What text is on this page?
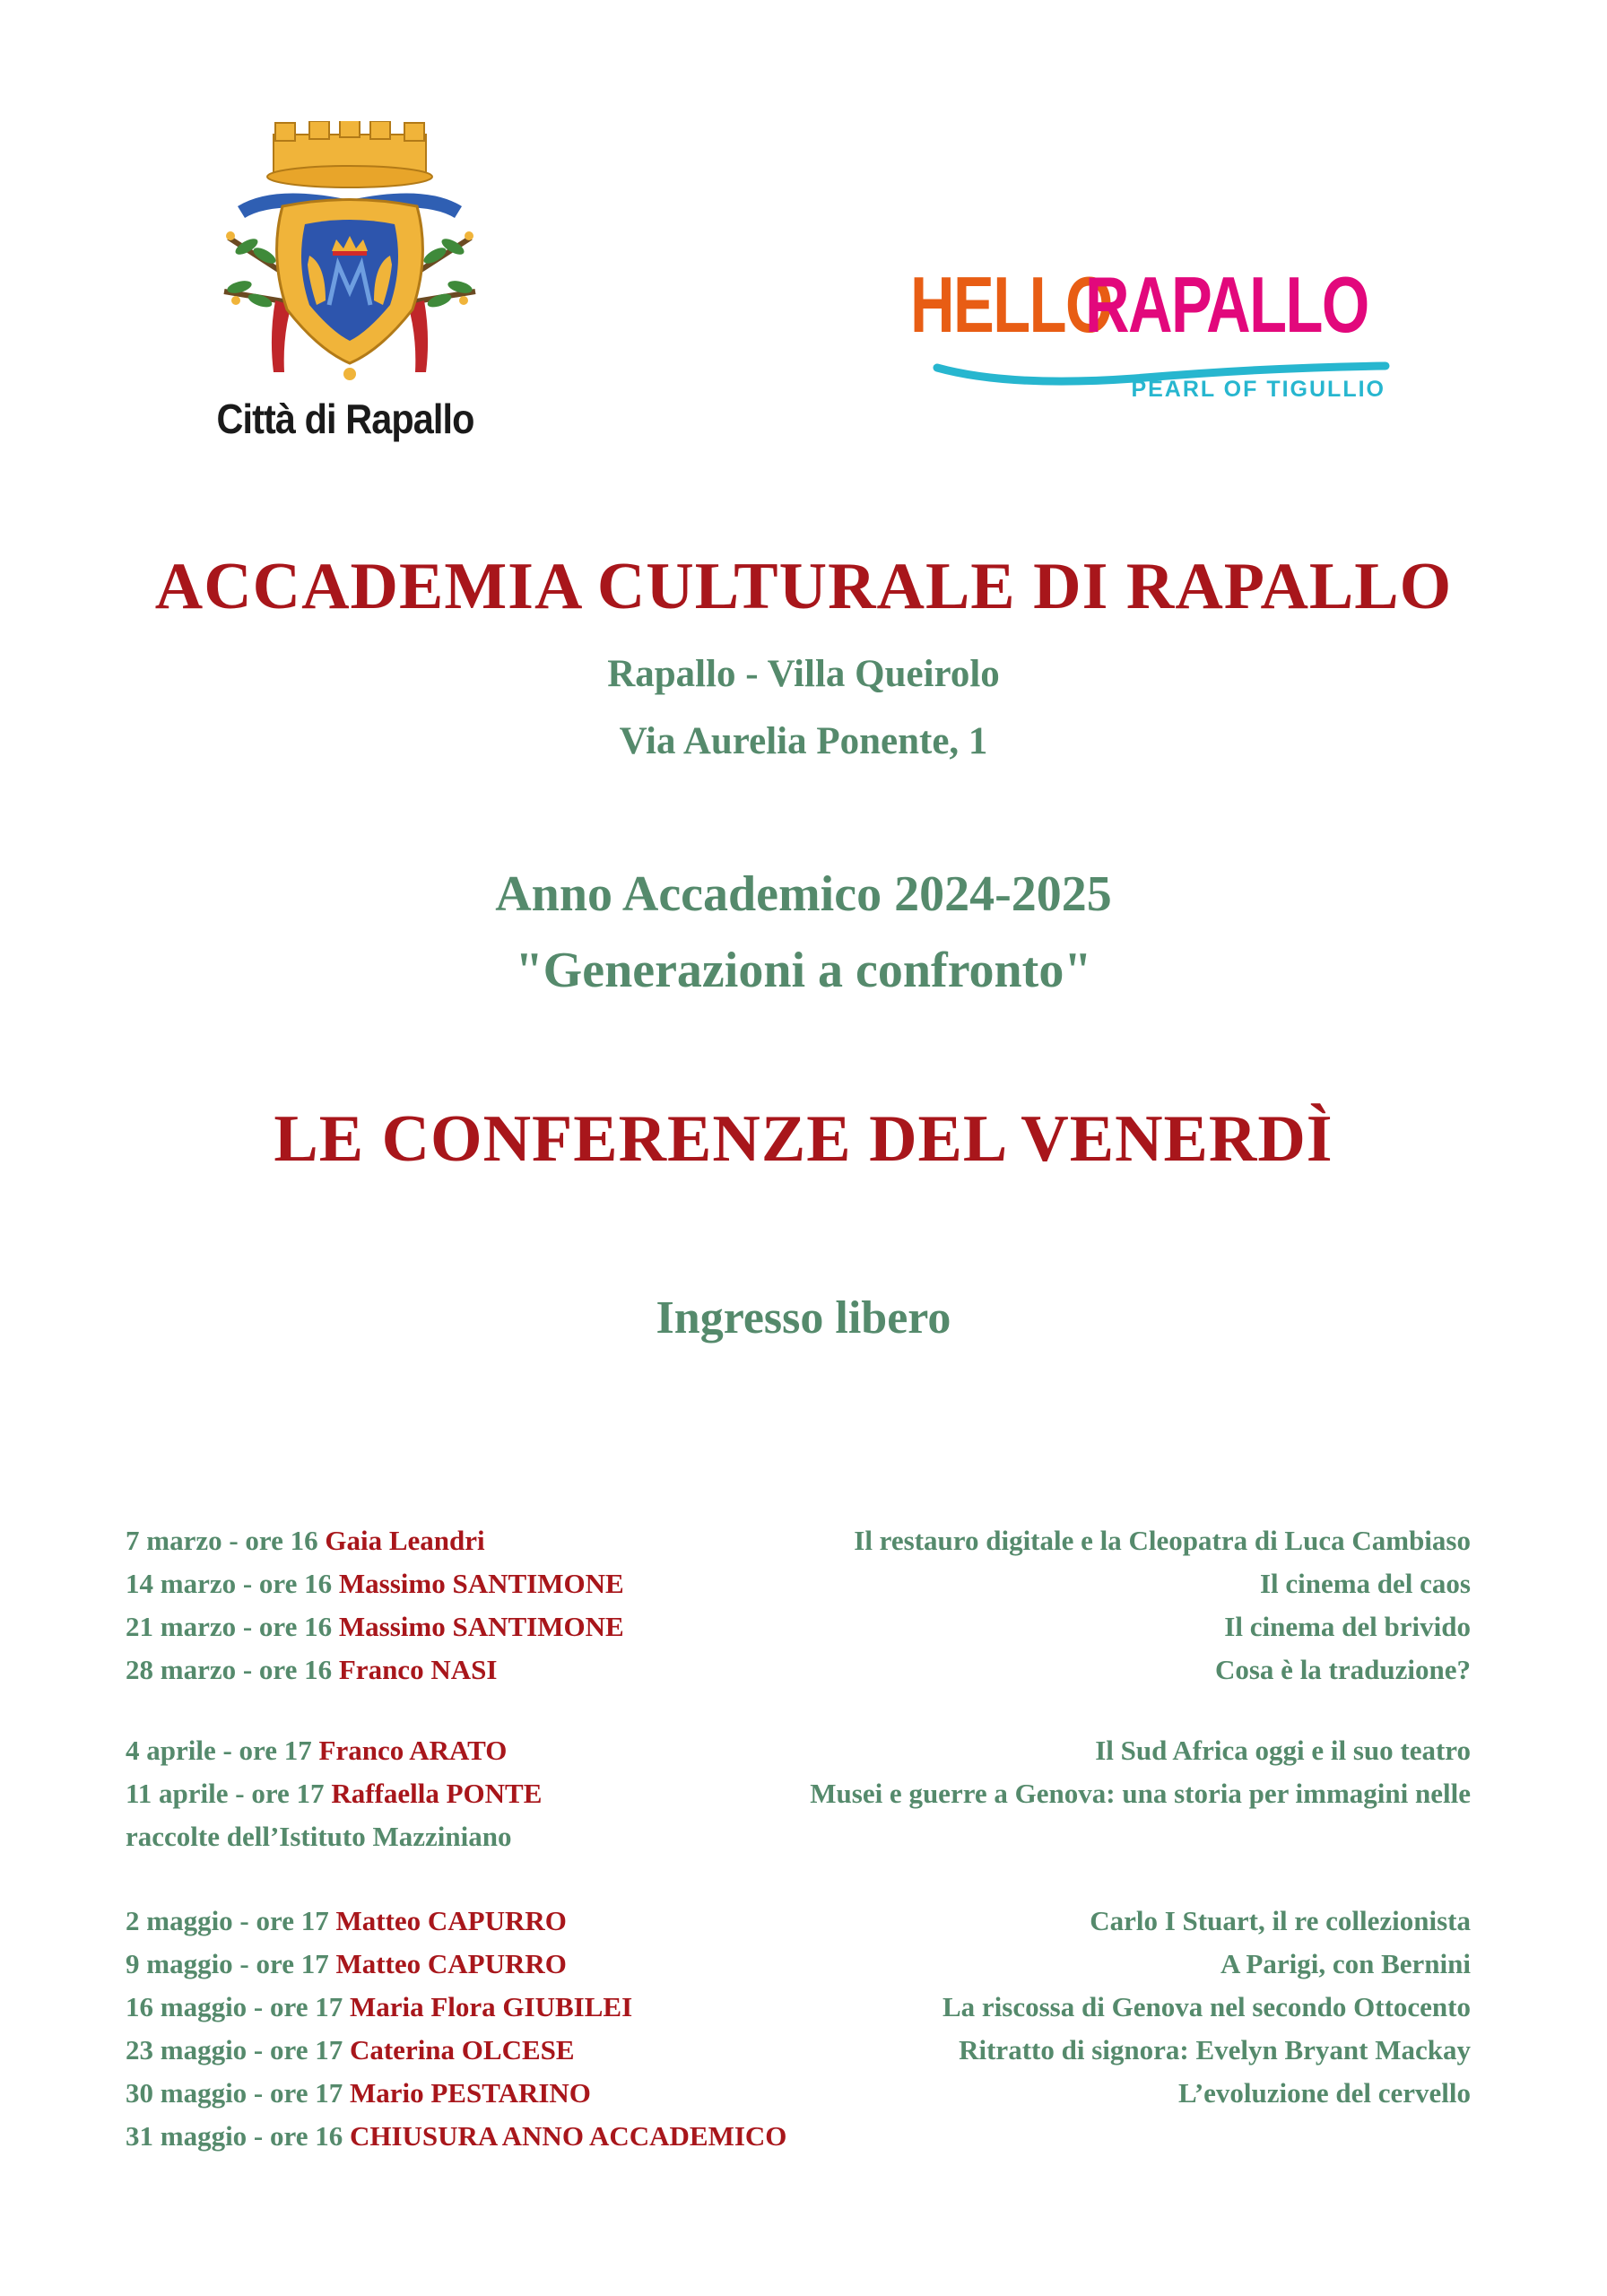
Città di Rapallo
HELLO
RAPALLO
PEARL OF TIGULLIO
ACCADEMIA CULTURALE DI RAPALLO
Rapallo - Villa Queirolo
Via Aurelia Ponente, 1
Anno Accademico 2024-2025
"Generazioni a confronto"
LE CONFERENZE DEL VENERDÌ
Ingresso libero
7 marzo - ore 16 Gaia Leandri	Il restauro digitale e la Cleopatra di Luca Cambiaso
14 marzo - ore 16 Massimo SANTIMONE	Il cinema del caos
21 marzo - ore 16 Massimo SANTIMONE	Il cinema del brivido
28 marzo - ore 16 Franco NASI	Cosa è la traduzione?
4 aprile - ore 17 Franco ARATO	Il Sud Africa oggi e il suo teatro
11 aprile - ore 17 Raffaella PONTE	Musei e guerre a Genova: una storia per immagini nelle
raccolte dell’Istituto Mazziniano
2 maggio - ore 17 Matteo CAPURRO	Carlo I Stuart, il re collezionista
9 maggio - ore 17 Matteo CAPURRO	A Parigi, con Bernini
16 maggio - ore 17 Maria Flora GIUBILEI	La riscossa di Genova nel secondo Ottocento
23 maggio - ore 17 Caterina OLCESE	Ritratto di signora: Evelyn Bryant Mackay
30 maggio - ore 17 Mario PESTARINO	L’evoluzione del cervello
31 maggio - ore 16 CHIUSURA ANNO ACCADEMICO
